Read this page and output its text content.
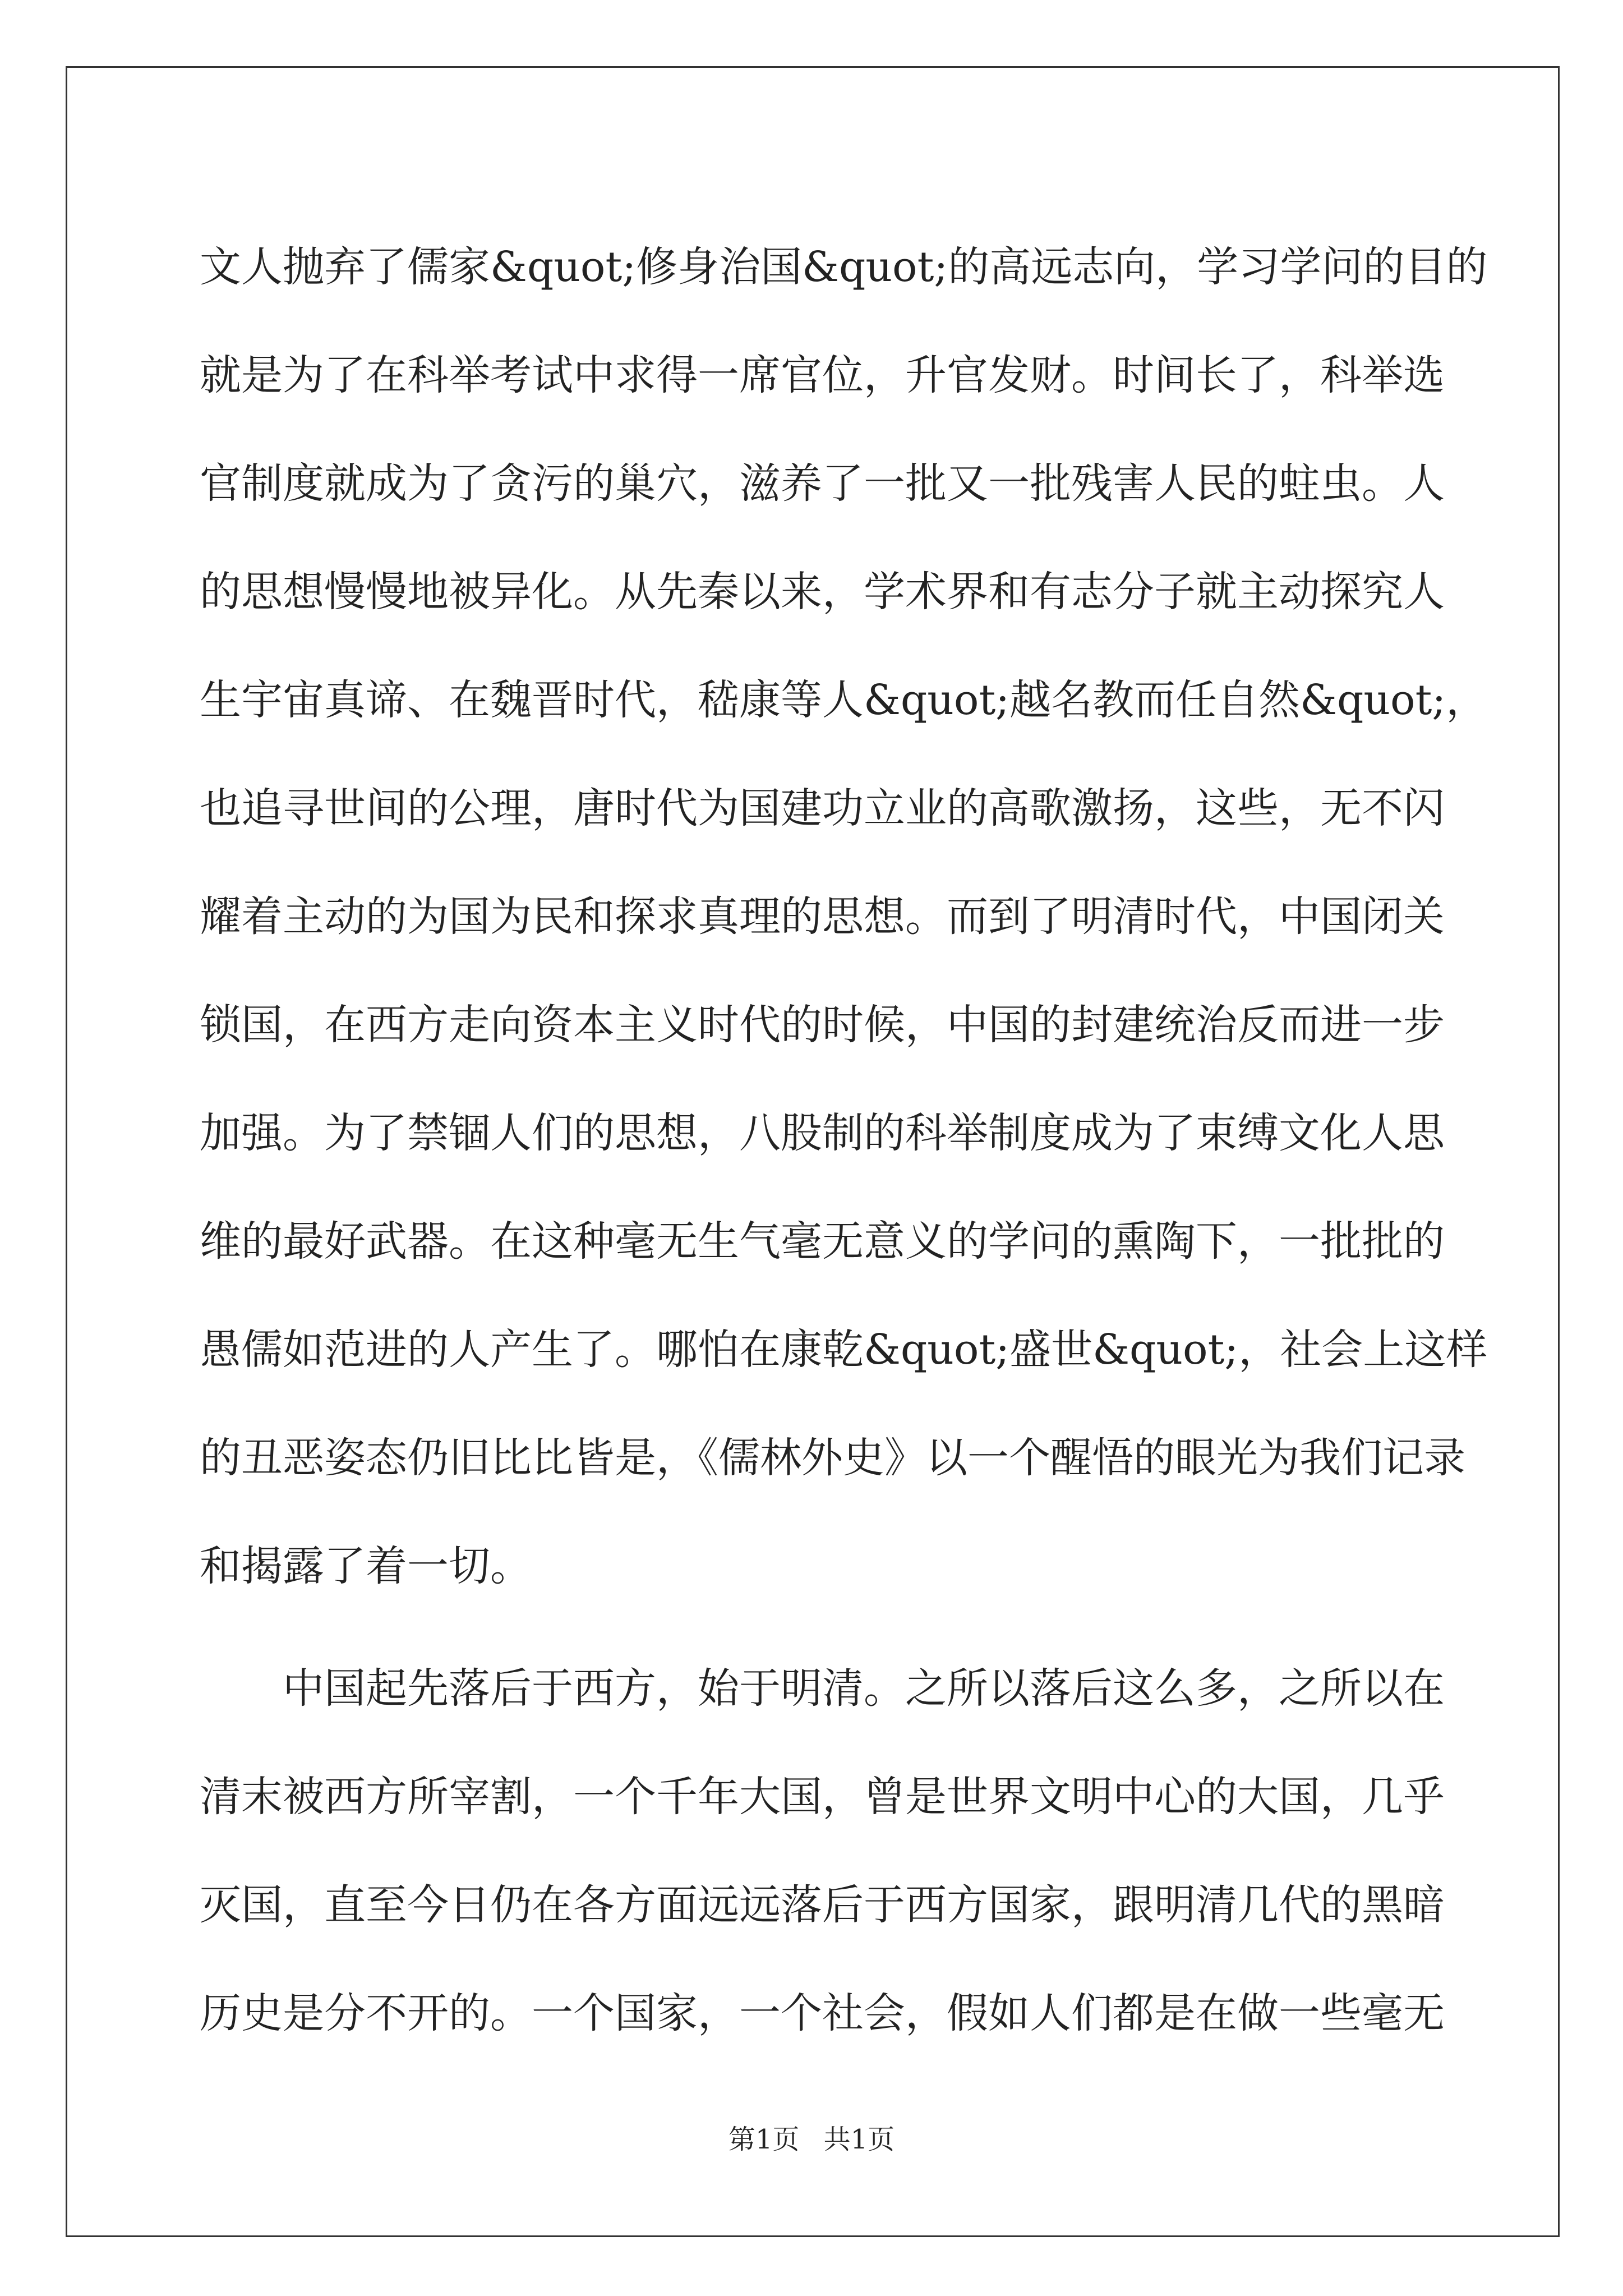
文人抛弃了儒家&quot;修身治国&quot;的高远志向，学习学问的目的
就是为了在科举考试中求得一席官位，升官发财。时间长了，科举选
官制度就成为了贪污的巢穴，滋养了一批又一批残害人民的蛀虫。人
的思想慢慢地被异化。从先秦以来，学术界和有志分子就主动探究人
生宇宙真谛、在魏晋时代，嵇康等人&quot;越名教而任自然&quot;，
也追寻世间的公理，唐时代为国建功立业的高歌激扬，这些，无不闪
耀着主动的为国为民和探求真理的思想。而到了明清时代，中国闭关
锁国，在西方走向资本主义时代的时候，中国的封建统治反而进一步
加强。为了禁锢人们的思想，八股制的科举制度成为了束缚文化人思
维的最好武器。在这种毫无生气毫无意义的学问的熏陶下，一批批的
愚儒如范进的人产生了。哪怕在康乾&quot;盛世&quot;，社会上这样
的丑恶姿态仍旧比比皆是，《儒林外史》以一个醒悟的眼光为我们记录
和揭露了着一切。
　　中国起先落后于西方，始于明清。之所以落后这么多，之所以在
清末被西方所宰割，一个千年大国，曾是世界文明中心的大国，几乎
灭国，直至今日仍在各方面远远落后于西方国家，跟明清几代的黑暗
历史是分不开的。一个国家，一个社会，假如人们都是在做一些毫无
第1页 共1页
